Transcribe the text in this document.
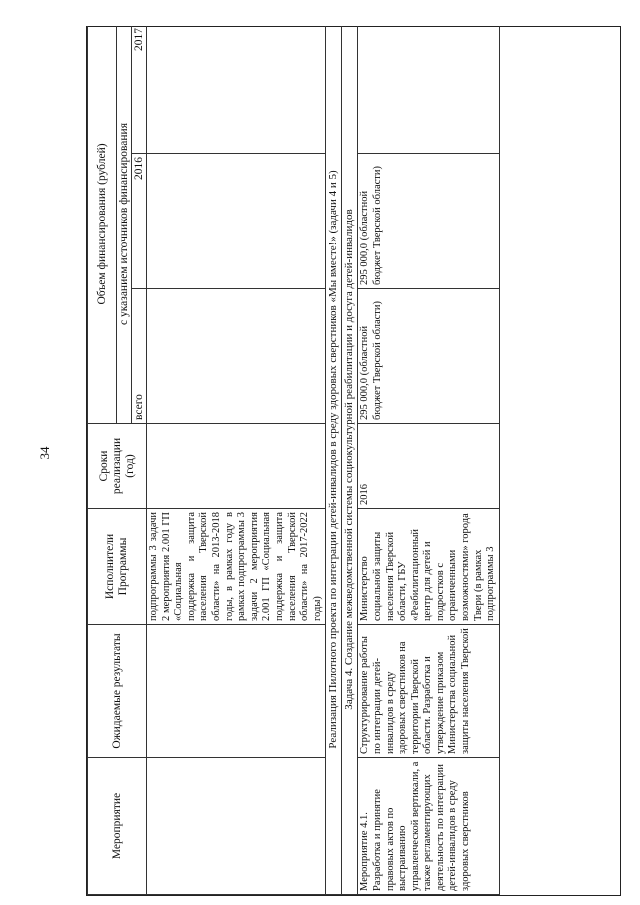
34
Мероприятие	Ожидаемые результаты	Исполнители Программы	Сроки реализации (год)	Объем финансирования (рублей)		
				с указанием источников финансирования		
				всего	2016	2017
		подпрограммы 3 задачи 2 мероприятия 2.001 ГП «Социальная поддержка и защита населения Тверской области» на 2013-2018 годы, в рамках году в рамках подпрограммы 3 задачи 2 мероприятия 2.001 ГП «Социальная поддержка и защита населения Тверской области» на 2017-2022 годы)				
Реализация Пилотного проекта по интеграции детей-инвалидов в среду здоровых сверстников «Мы вместе!» (задачи 4 и 5)						
Задача 4. Создание межведомственной системы социокультурной реабилитации и досуга детей-инвалидов						
Мероприятие 4.1. Разработка и принятие правовых актов по выстраиванию управленческой вертикали, а также регламентирующих деятельность по интеграции детей-инвалидов в среду здоровых сверстников	Структурирование работы по интеграции детей-инвалидов в среду здоровых сверстников на территории Тверской области. Разработка и утверждение приказом Министерства социальной защиты населения Тверской	Министерство социальной защиты населения Тверской области, ГБУ «Реабилитационный центр для детей и подростков с ограниченными возможностями» города Твери (в рамках подпрограммы 3	2016	295 000,0 (областной бюджет Тверской области)	295 000,0 (областной бюджет Тверской области)	
